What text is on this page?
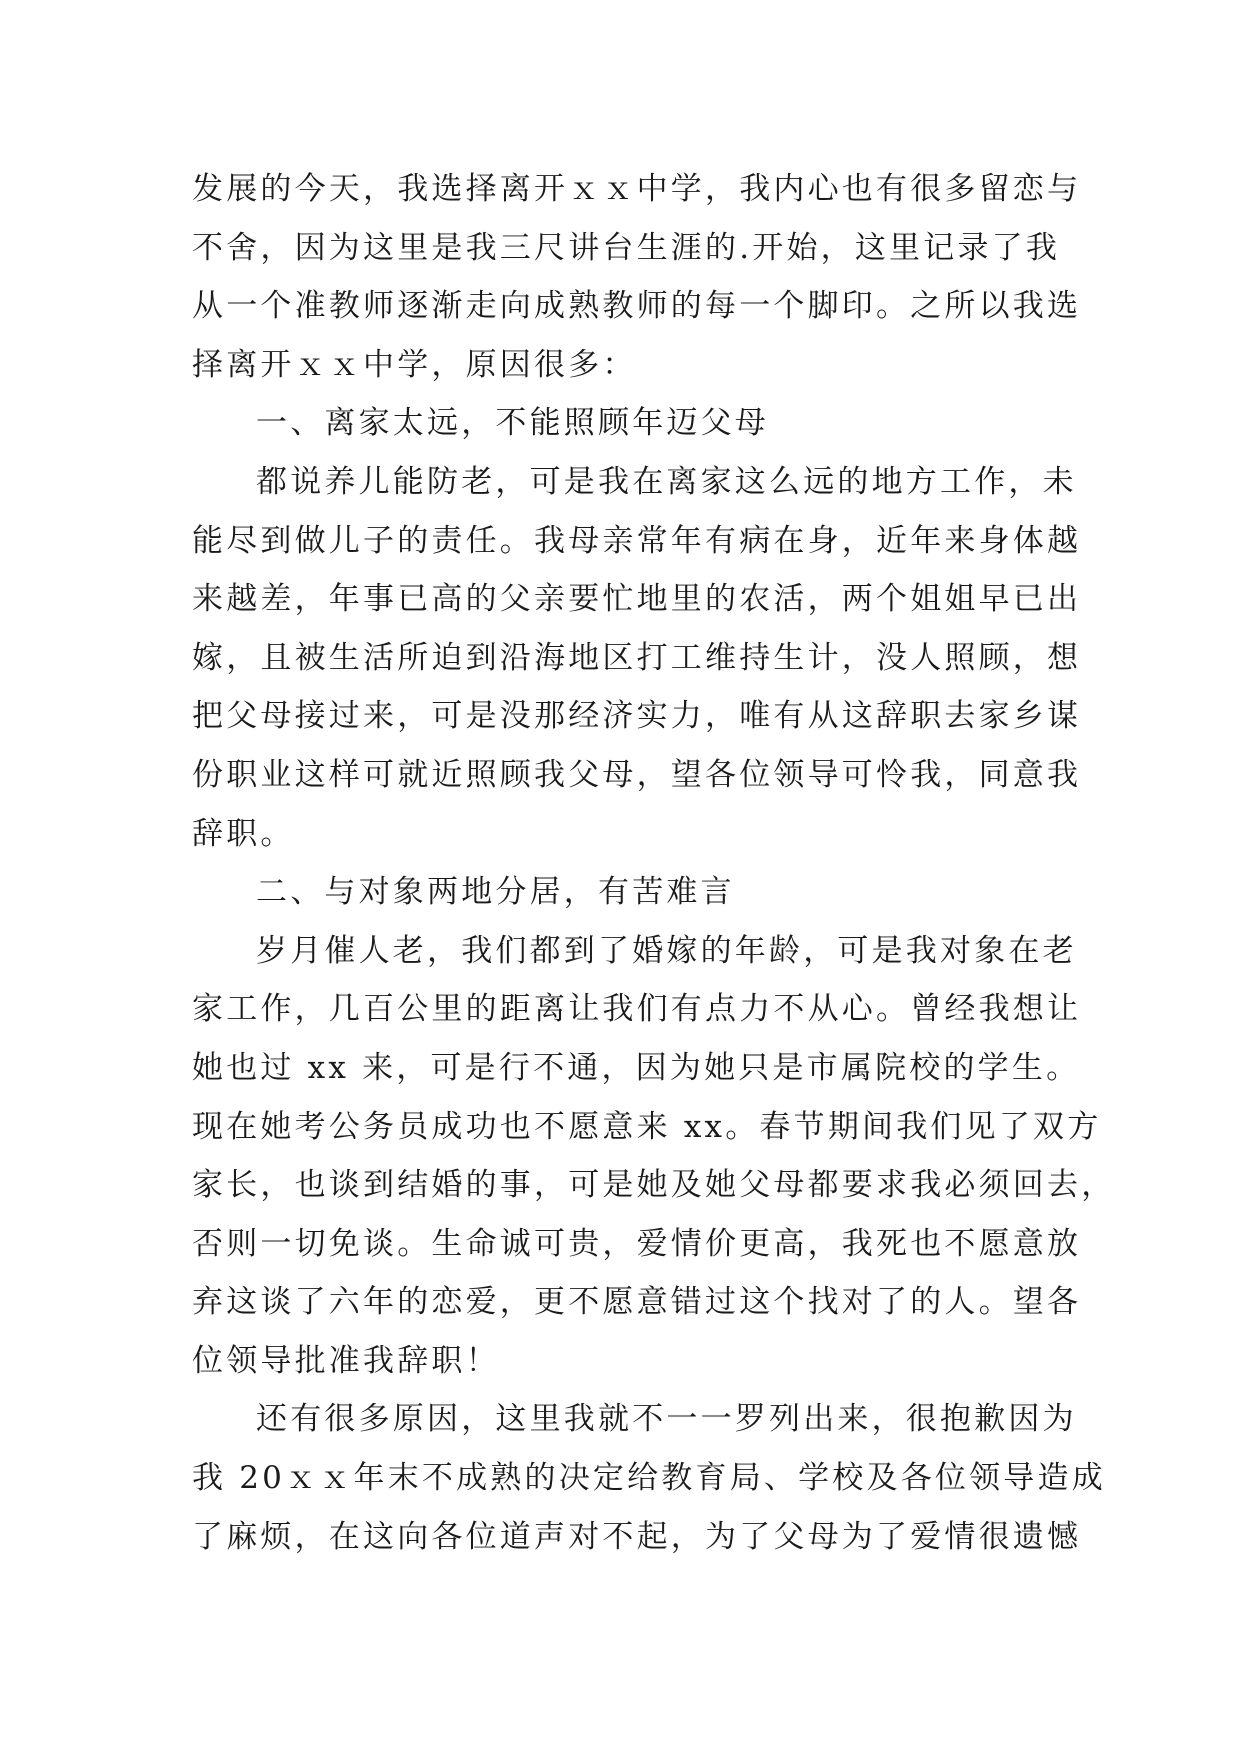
发展的今天，我选择离开ｘｘ中学，我内心也有很多留恋与
不舍，因为这里是我三尺讲台生涯的.开始，这里记录了我
从一个准教师逐渐走向成熟教师的每一个脚印。之所以我选
择离开ｘｘ中学，原因很多：
一、离家太远，不能照顾年迈父母
都说养儿能防老，可是我在离家这么远的地方工作，未
能尽到做儿子的责任。我母亲常年有病在身，近年来身体越
来越差，年事已高的父亲要忙地里的农活，两个姐姐早已出
嫁，且被生活所迫到沿海地区打工维持生计，没人照顾，想
把父母接过来，可是没那经济实力，唯有从这辞职去家乡谋
份职业这样可就近照顾我父母，望各位领导可怜我，同意我
辞职。
二、与对象两地分居，有苦难言
岁月催人老，我们都到了婚嫁的年龄，可是我对象在老
家工作，几百公里的距离让我们有点力不从心。曾经我想让
她也过 xx 来，可是行不通，因为她只是市属院校的学生。
现在她考公务员成功也不愿意来 xx。春节期间我们见了双方
家长，也谈到结婚的事，可是她及她父母都要求我必须回去，
否则一切免谈。生命诚可贵，爱情价更高，我死也不愿意放
弃这谈了六年的恋爱，更不愿意错过这个找对了的人。望各
位领导批准我辞职！
还有很多原因，这里我就不一一罗列出来，很抱歉因为
我 20ｘｘ年末不成熟的决定给教育局、学校及各位领导造成
了麻烦，在这向各位道声对不起，为了父母为了爱情很遗憾
